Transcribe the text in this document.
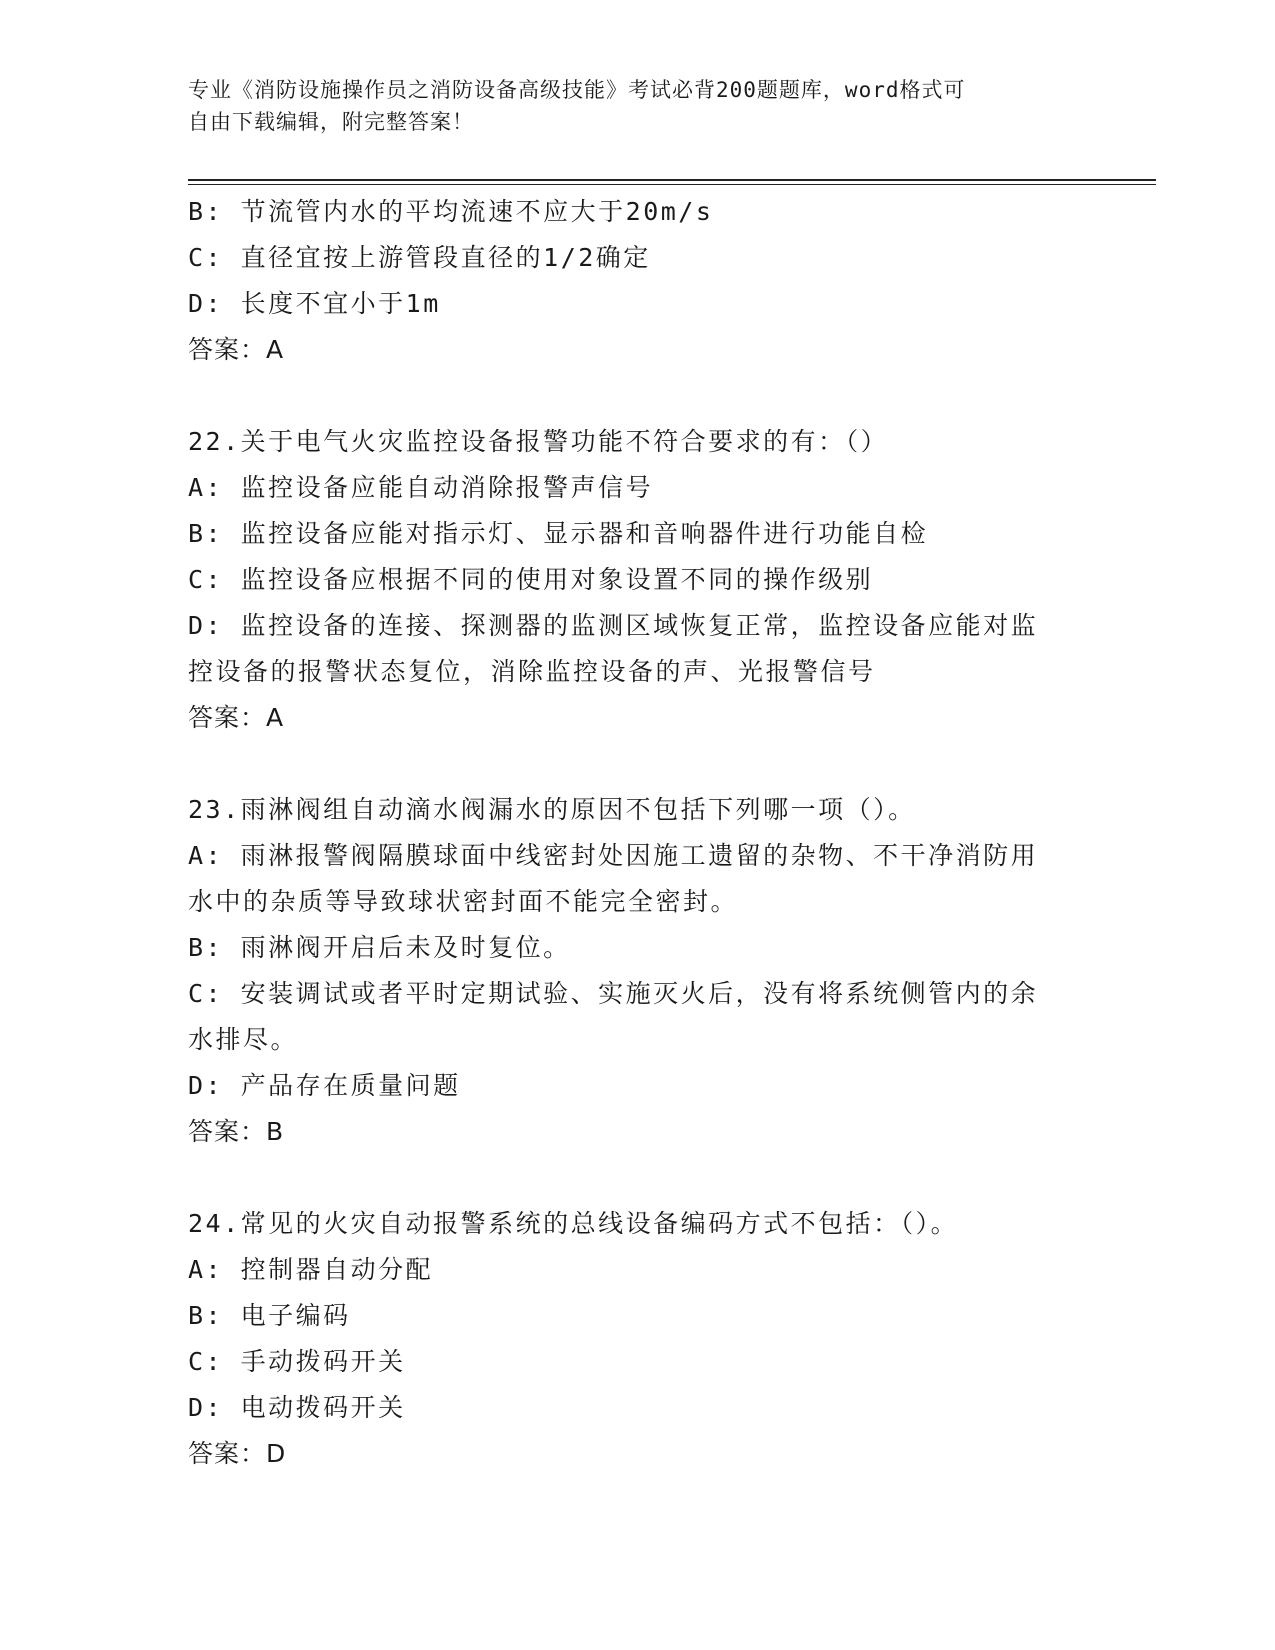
专业《消防设施操作员之消防设备高级技能》考试必背200题题库，word格式可
自由下载编辑，附完整答案！

B: 节流管内水的平均流速不应大于20m/s

C: 直径宜按上游管段直径的1/2确定

D: 长度不宜小于1m

答案：A

22.关于电气火灾监控设备报警功能不符合要求的有：（）

A: 监控设备应能自动消除报警声信号

B: 监控设备应能对指示灯、显示器和音响器件进行功能自检

C: 监控设备应根据不同的使用对象设置不同的操作级别

D: 监控设备的连接、探测器的监测区域恢复正常，监控设备应能对监

控设备的报警状态复位，消除监控设备的声、光报警信号

答案：A

23.雨淋阀组自动滴水阀漏水的原因不包括下列哪一项（）。

A: 雨淋报警阀隔膜球面中线密封处因施工遗留的杂物、不干净消防用

水中的杂质等导致球状密封面不能完全密封。

B: 雨淋阀开启后未及时复位。

C: 安装调试或者平时定期试验、实施灭火后，没有将系统侧管内的余

水排尽。

D: 产品存在质量问题

答案：B

24.常见的火灾自动报警系统的总线设备编码方式不包括：（）。

A: 控制器自动分配

B: 电子编码

C: 手动拨码开关

D: 电动拨码开关

答案：D
